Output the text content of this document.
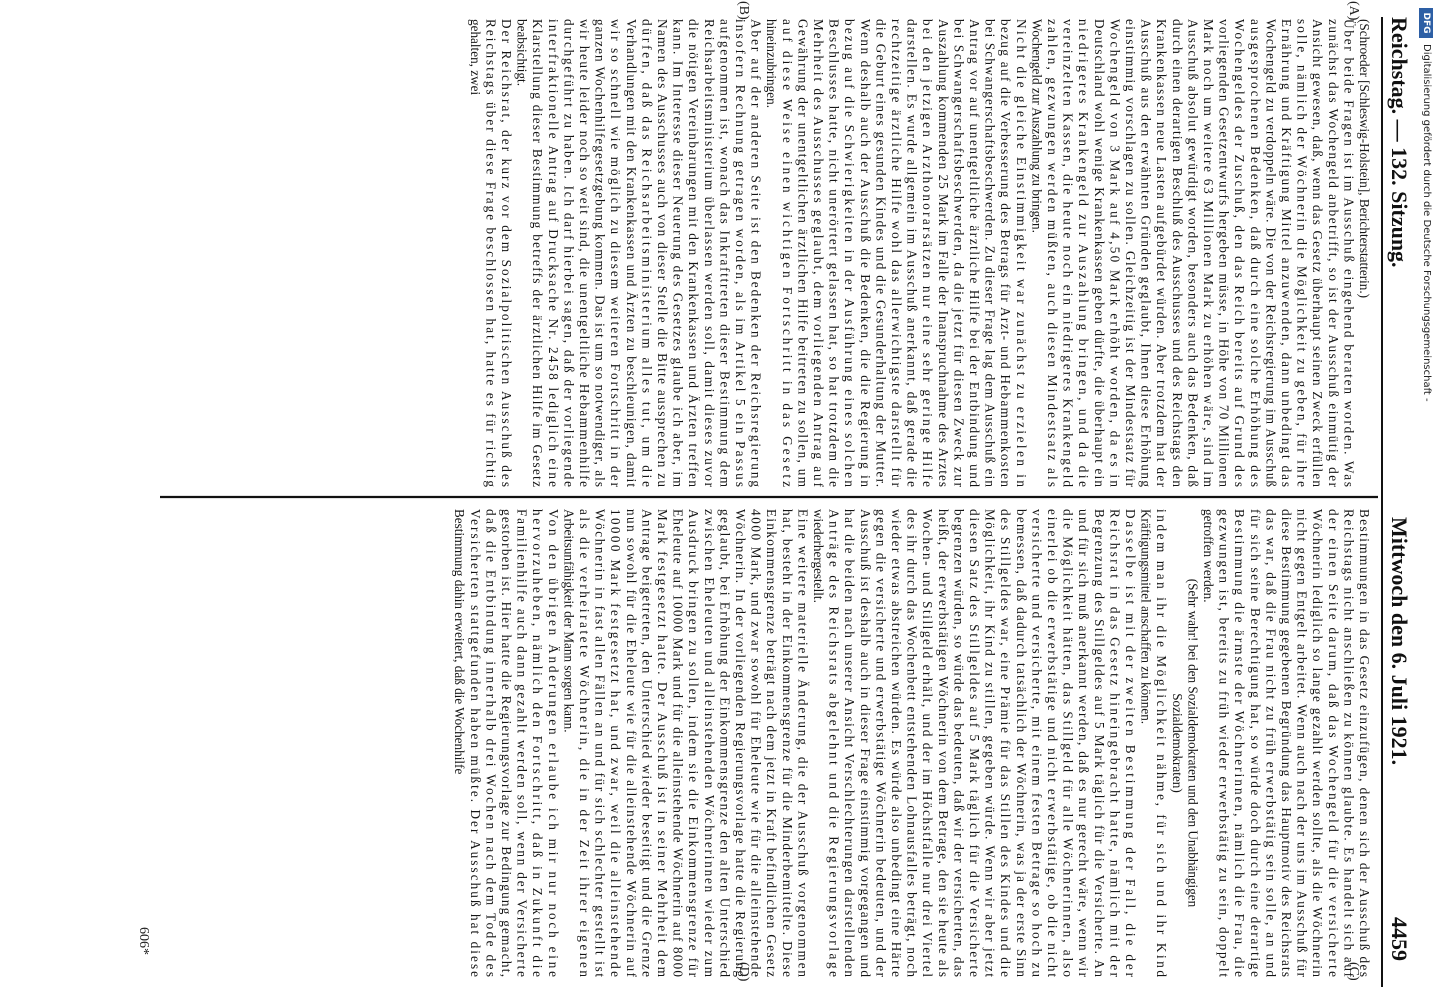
Reichstag. — 132. Sitzung.
Mittwoch den 6. Juli 1921.
4459
(A)
(B)
(C)
(D)
606*
(Schroeder [Schleswig-Holstein], Berichterstatterin.)
Über beide Fragen ist im Ausschuß eingehend beraten worden. Was
zunächst das Wochengeld anbetrifft, so ist der Ausschuß einmütig der
Ansicht gewesen, daß, wenn das Gesetz überhaupt seinen Zweck erfüllen
solle, nämlich der Wöchnerin die Möglichkeit zu geben, für ihre
Ernährung und Kräftigung Mittel anzuwenden, dann unbedingt das
Wochengeld zu verdoppeln wäre. Die von der Reichsregierung im Ausschuß
ausgesprochenen Bedenken, daß durch eine solche Erhöhung des
Wochengeldes der Zuschuß, den das Reich bereits auf Grund des
vorliegenden Gesetzentwurfs hergeben müsse, in Höhe von 70 Millionen
Mark noch um weitere 63 Millionen Mark zu erhöhen wäre, sind im
Ausschuß absolut gewürdigt worden, besonders auch das Bedenken, daß
durch einen derartigen Beschluß des Ausschusses und des Reichstags den
Krankenkassen neue Lasten aufgebürdet würden. Aber trotzdem hat der
Ausschuß aus den erwähnten Gründen geglaubt, Ihnen diese Erhöhung
einstimmig vorschlagen zu sollen. Gleichzeitig ist der Mindestsatz für
Wochengeld von 3 Mark auf 4,50 Mark erhöht worden, da es in
Deutschland wohl wenige Krankenkassen geben dürfte, die überhaupt ein
niedrigeres Krankengeld zur Auszahlung bringen, und da die
vereinzelten Kassen, die heute noch ein niedrigeres Krankengeld
zahlen, gezwungen werden müßten, auch diesen Mindestsatz als
Wochengeld zur Auszahlung zu bringen.
Nicht die gleiche Einstimmigkeit war zunächst zu erzielen in
bezug auf die Verbesserung des Betrags für Arzt- und Hebammenkosten
bei Schwangerschaftsbeschwerden. Zu dieser Frage lag dem Ausschuß ein
Antrag vor auf unentgeltliche ärztliche Hilfe bei der Entbindung und
bei Schwangerschaftsbeschwerden, da die jetzt für diesen Zweck zur
Auszahlung kommenden 25 Mark im Falle der Inanspruchnahme des Arztes
bei den jetzigen Arzthonorarsätzen nur eine sehr geringe Hilfe
darstellen. Es wurde allgemein im Ausschuß anerkannt, daß gerade die
rechtzeitige ärztliche Hilfe wohl das allerwichtigste darstellt für
die Geburt eines gesunden Kindes und die Gesunderhaltung der Mutter.
Wenn deshalb auch der Ausschuß die Bedenken, die die Regierung in
bezug auf die Schwierigkeiten in der Ausführung eines solchen
Beschlusses hatte, nicht unerörtert gelassen hat, so hat trotzdem die
Mehrheit des Ausschusses geglaubt, dem vorliegenden Antrag auf
Gewährung der unentgeltlichen ärztlichen Hilfe beitreten zu sollen, um
auf diese Weise einen wichtigen Fortschritt in das Gesetz
hineinzubringen.
Aber auf der anderen Seite ist den Bedenken der Reichsregierung
insofern Rechnung getragen worden, als im Artikel 5 ein Passus
aufgenommen ist, wonach das Inkrafttreten dieser Bestimmung dem
Reichsarbeitsministerium überlassen werden soll, damit dieses zuvor
die nötigen Vereinbarungen mit den Krankenkassen und Ärzten treffen
kann. Im Interesse dieser Neuerung des Gesetzes glaube ich aber, im
Namen des Ausschusses auch von dieser Stelle die Bitte aussprechen zu
dürfen, daß das Reichsarbeitsministerium alles tut, um die
Verhandlungen mit den Krankenkassen und Ärzten zu beschleunigen, damit
wir so schnell wie möglich zu diesem weiteren Fortschritt in der
ganzen Wochenhilfegesetzgebung kommen. Das ist um so notwendiger, als
wir heute leider noch so weit sind, die unentgeltliche Hebammenhilfe
durchgeführt zu haben. Ich darf hierbei sagen, daß der vorliegende
interfraktionelle Antrag auf Drucksache Nr. 2458 lediglich eine
Klarstellung dieser Bestimmung betreffs der ärztlichen Hilfe im Gesetz
beabsichtigt.
Der Reichsrat, der kurz vor dem Sozialpolitischen Ausschuß des
Reichstags über diese Frage beschlossen hat, hatte es für richtig
gehalten, zwei
Bestimmungen in das Gesetz einzufügen, denen sich der Ausschuß des
Reichstags nicht anschließen zu können glaubte. Es handelt sich auf
der einen Seite darum, daß das Wochengeld für die versicherte
Wöchnerin lediglich so lange gezahlt werden sollte, als die Wöchnerin
nicht gegen Entgelt arbeitet. Wenn auch nach der uns im Ausschuß für
diese Bestimmung gegebenen Begründung das Hauptmotiv des Reichsrats
das war, daß die Frau nicht zu früh erwerbstätig sein solle, an und
für sich seine Berechtigung hat, so würde doch durch eine derartige
Bestimmung die ärmste der Wöchnerinnen, nämlich die Frau, die
gezwungen ist, bereits zu früh wieder erwerbstätig zu sein, doppelt
getroffen werden.
(Sehr wahr! bei den Sozialdemokraten und den Unabhängigen
Sozialdemokraten)
indem man ihr die Möglichkeit nähme, für sich und ihr Kind
Kräftigungsmittel anschaffen zu können.
Dasselbe ist mit der zweiten Bestimmung der Fall, die der
Reichsrat in das Gesetz hineingebracht hatte, nämlich mit der
Begrenzung des Stillgeldes auf 5 Mark täglich für die Versicherte. An
und für sich muß anerkannt werden, daß es nur gerecht wäre, wenn wir
die Möglichkeit hätten, das Stillgeld für alle Wöchnerinnen, also
einerlei ob die erwerbstätige und nicht erwerbstätige, ob die nicht
versicherte und versicherte, mit einem festen Betrage so hoch zu
bemessen, daß dadurch tatsächlich der Wöchnerin, was ja der erste Sinn
des Stillgeldes war, eine Prämie für das Stillen des Kindes und die
Möglichkeit, ihr Kind zu stillen, gegeben würde. Wenn wir aber jetzt
diesen Satz des Stillgeldes auf 5 Mark täglich für die Versicherte
begrenzen würden, so würde das bedeuten, daß wir der versicherten, das
heißt, der erwerbstätigen Wöchnerin von dem Betrage, den sie heute als
Wochen- und Stillgeld erhält, und der im Höchstfalle nur drei Viertel
des ihr durch das Wochenbett entstehenden Lohnausfalles beträgt, noch
wieder etwas abstreichen würden. Es würde also unbedingt eine Härte
gegen die versicherte und erwerbstätige Wöchnerin bedeuten, und der
Ausschuß ist deshalb auch in dieser Frage einstimmig vorgegangen und
hat die beiden nach unserer Ansicht Verschlechterungen darstellenden
Anträge des Reichsrats abgelehnt und die Regierungsvorlage
wiederhergestellt.
Eine weitere materielle Änderung, die der Ausschuß vorgenommen
hat, besteht in der Einkommensgrenze für die Minderbemittelte. Diese
Einkommensgrenze beträgt nach dem jetzt in Kraft befindlichen Gesetz
4000 Mark, und zwar sowohl für Eheleute wie für die alleinstehende
Wöchnerin. In der vorliegenden Regierungsvorlage hatte die Regierung
geglaubt, bei Erhöhung der Einkommensgrenze den alten Unterschied
zwischen Eheleuten und alleinstehenden Wöchnerinnen wieder zum
Ausdruck bringen zu sollen, indem sie die Einkommensgrenze für
Eheleute auf 10000 Mark und für die alleinstehende Wöchnerin auf 8000
Mark festgesetzt hatte. Der Ausschuß ist in seiner Mehrheit dem
Antrage beigetreten, den Unterschied wieder beseitigt und die Grenze
nun sowohl für die Eheleute wie für die alleinstehende Wöchnerin auf
10000 Mark festgesetzt hat, und zwar, weil die alleinstehende
Wöchnerin in fast allen Fällen an und für sich schlechter gestellt ist
als die verheiratete Wöchnerin, die in der Zeit ihrer eigenen
Arbeitsunfähigkeit der Mann sorgen kann.
Von den übrigen Änderungen erlaube ich mir nur noch eine
hervorzuheben, nämlich den Fortschritt, daß in Zukunft die
Familienhilfe auch dann gezahlt werden soll, wenn der Versicherte
gestorben ist. Hier hatte die Regierungsvorlage zur Bedingung gemacht,
daß die Entbindung innerhalb drei Wochen nach dem Tode des
Versicherten stattgefunden haben müßte. Der Ausschuß hat diese
Bestimmung dahin erweitert, daß die Wochenhilfe
DFG
Digitalisierung gefördert durch die Deutsche Forschungsgemeinschaft -
